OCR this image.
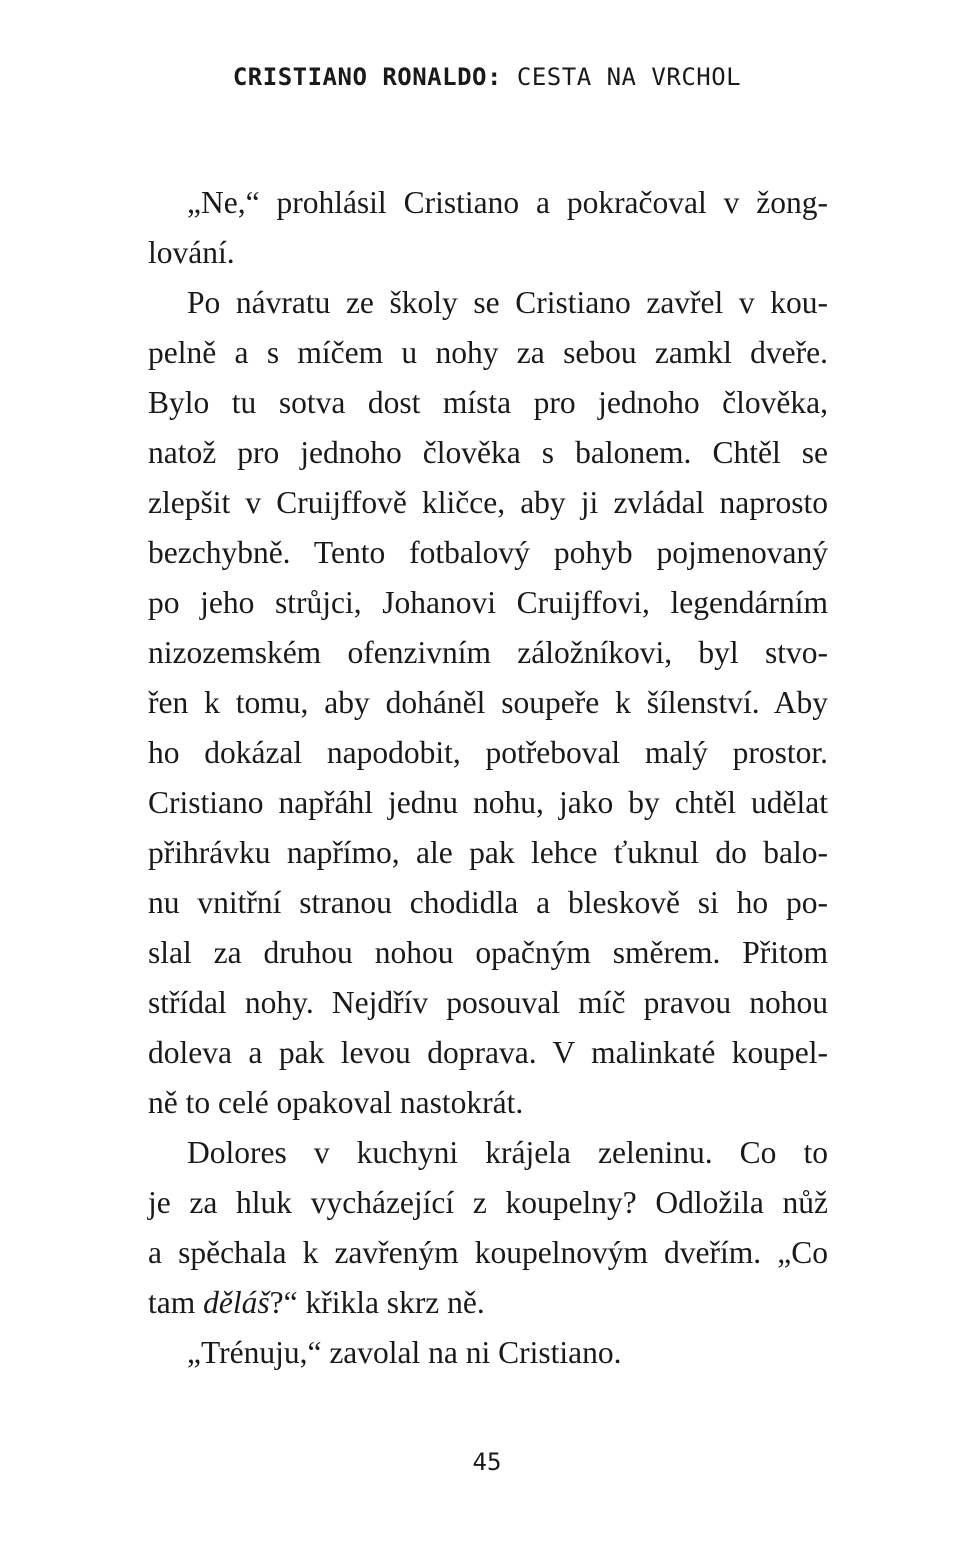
CRISTIANO RONALDO: CESTA NA VRCHOL
„Ne,“ prohlásil Cristiano a pokračoval v žong-
lování.
Po návratu ze školy se Cristiano zavřel v kou-
pelně a s míčem u nohy za sebou zamkl dveře.
Bylo tu sotva dost místa pro jednoho člověka,
natož pro jednoho člověka s balonem. Chtěl se
zlepšit v Cruijffově kličce, aby ji zvládal naprosto
bezchybně. Tento fotbalový pohyb pojmenovaný
po jeho strůjci, Johanovi Cruijffovi, legendárním
nizozemském ofenzivním záložníkovi, byl stvo-
řen k tomu, aby doháněl soupeře k šílenství. Aby
ho dokázal napodobit, potřeboval malý prostor.
Cristiano napřáhl jednu nohu, jako by chtěl udělat
přihrávku napřímo, ale pak lehce ťuknul do balo-
nu vnitřní stranou chodidla a bleskově si ho po-
slal za druhou nohou opačným směrem. Přitom
střídal nohy. Nejdřív posouval míč pravou nohou
doleva a pak levou doprava. V malinkaté koupel-
ně to celé opakoval nastokrát.
Dolores v kuchyni krájela zeleninu. Co to
je za hluk vycházející z koupelny? Odložila nůž
a spěchala k zavřeným koupelnovým dveřím. „Co
tam děláš?“ křikla skrz ně.
„Trénuju,“ zavolal na ni Cristiano.
45
